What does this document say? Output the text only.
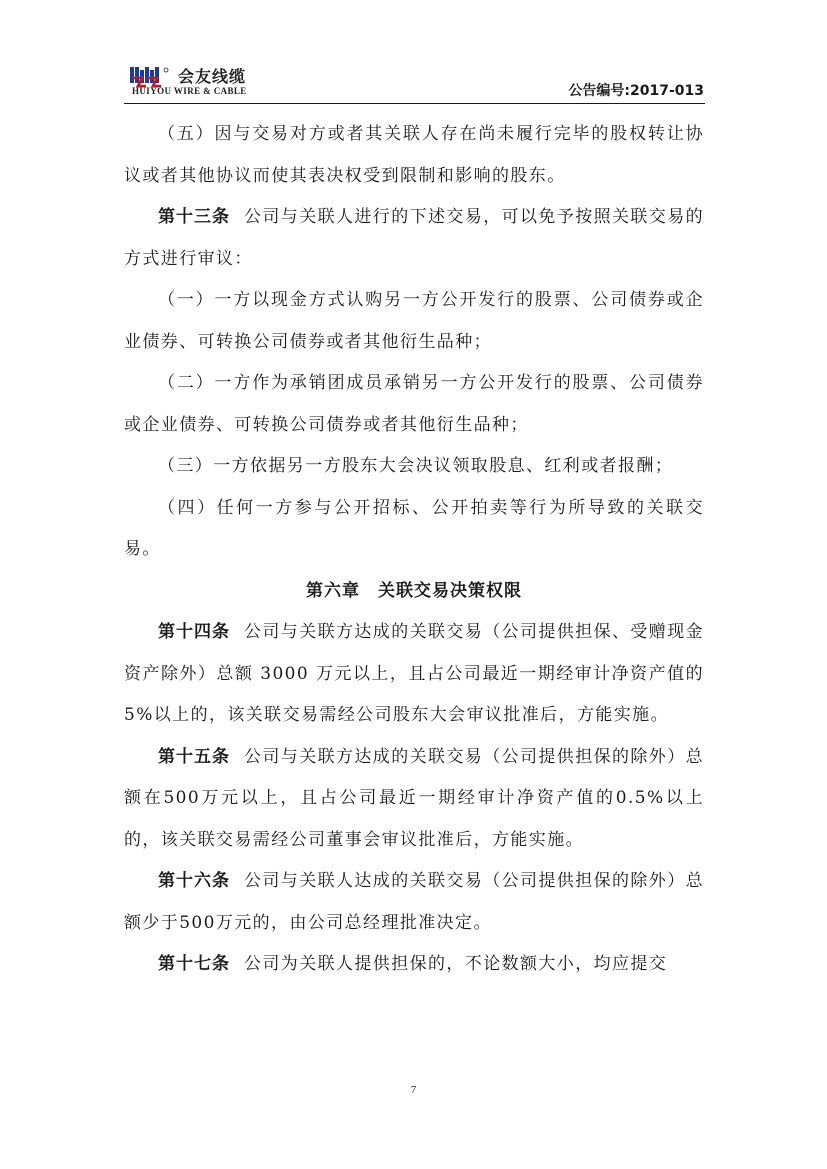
会友线缆
HUIYOU WIRE & CABLE	公告编号:2017-013

（五）因与交易对方或者其关联人存在尚未履行完毕的股权转让协议或者其他协议而使其表决权受到限制和影响的股东。

第十三条 公司与关联人进行的下述交易，可以免予按照关联交易的方式进行审议：

（一）一方以现金方式认购另一方公开发行的股票、公司债券或企业债券、可转换公司债券或者其他衍生品种；

（二）一方作为承销团成员承销另一方公开发行的股票、公司债券或企业债券、可转换公司债券或者其他衍生品种；

（三）一方依据另一方股东大会决议领取股息、红利或者报酬；

（四）任何一方参与公开招标、公开拍卖等行为所导致的关联交易。

第六章　关联交易决策权限

第十四条 公司与关联方达成的关联交易（公司提供担保、受赠现金资产除外）总额 3000 万元以上，且占公司最近一期经审计净资产值的 5%以上的，该关联交易需经公司股东大会审议批准后，方能实施。

第十五条 公司与关联方达成的关联交易（公司提供担保的除外）总额在500万元以上，且占公司最近一期经审计净资产值的0.5%以上的，该关联交易需经公司董事会审议批准后，方能实施。

第十六条 公司与关联人达成的关联交易（公司提供担保的除外）总额少于500万元的，由公司总经理批准决定。

第十七条 公司为关联人提供担保的，不论数额大小，均应提交

7
